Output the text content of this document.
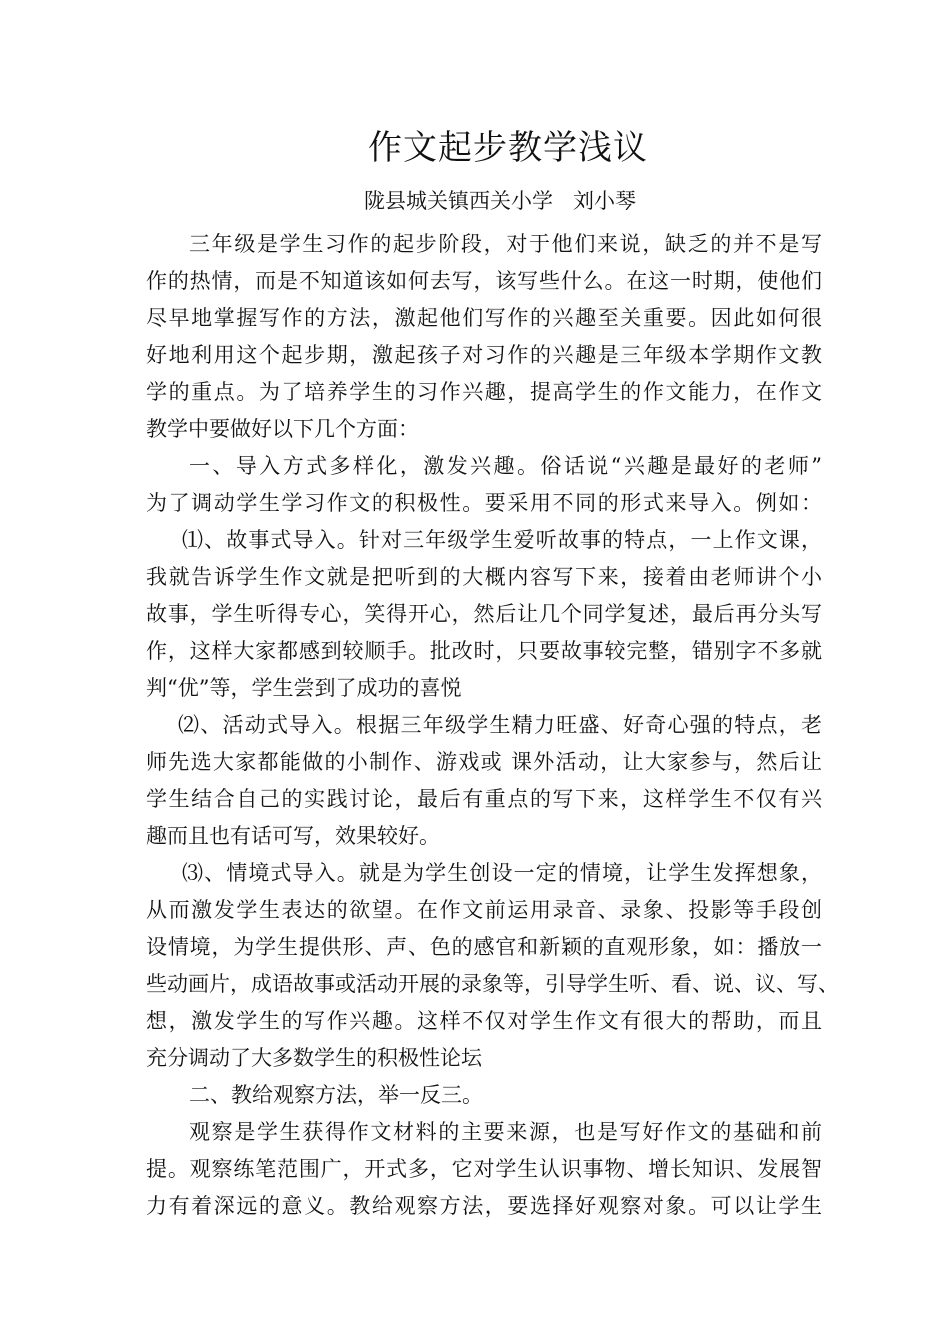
作文起步教学浅议
陇县城关镇西关小学   刘小琴
三年级是学生习作的起步阶段，对于他们来说，缺乏的并不是写
作的热情，而是不知道该如何去写，该写些什么。在这一时期，使他们
尽早地掌握写作的方法，激起他们写作的兴趣至关重要。因此如何很
好地利用这个起步期，激起孩子对习作的兴趣是三年级本学期作文教
学的重点。为了培养学生的习作兴趣，提高学生的作文能力，在作文
教学中要做好以下几个方面：
一、导入方式多样化，激发兴趣。俗话说“兴趣是最好的老师”
为了调动学生学习作文的积极性。要采用不同的形式来导入。例如：
⑴、故事式导入。针对三年级学生爱听故事的特点，一上作文课，
我就告诉学生作文就是把听到的大概内容写下来，接着由老师讲个小
故事，学生听得专心，笑得开心，然后让几个同学复述，最后再分头写
作，这样大家都感到较顺手。批改时，只要故事较完整，错别字不多就
判“优”等，学生尝到了成功的喜悦
⑵、活动式导入。根据三年级学生精力旺盛、好奇心强的特点，老
师先选大家都能做的小制作、游戏或 课外活动，让大家参与，然后让
学生结合自己的实践讨论，最后有重点的写下来，这样学生不仅有兴
趣而且也有话可写，效果较好。
⑶、情境式导入。就是为学生创设一定的情境，让学生发挥想象，
从而激发学生表达的欲望。在作文前运用录音、录象、投影等手段创
设情境，为学生提供形、声、色的感官和新颖的直观形象，如：播放一
些动画片，成语故事或活动开展的录象等，引导学生听、看、说、议、写、
想，激发学生的写作兴趣。这样不仅对学生作文有很大的帮助，而且
充分调动了大多数学生的积极性论坛
二、教给观察方法，举一反三。
观察是学生获得作文材料的主要来源，也是写好作文的基础和前
提。观察练笔范围广，开式多，它对学生认识事物、增长知识、发展智
力有着深远的意义。教给观察方法，要选择好观察对象。可以让学生
